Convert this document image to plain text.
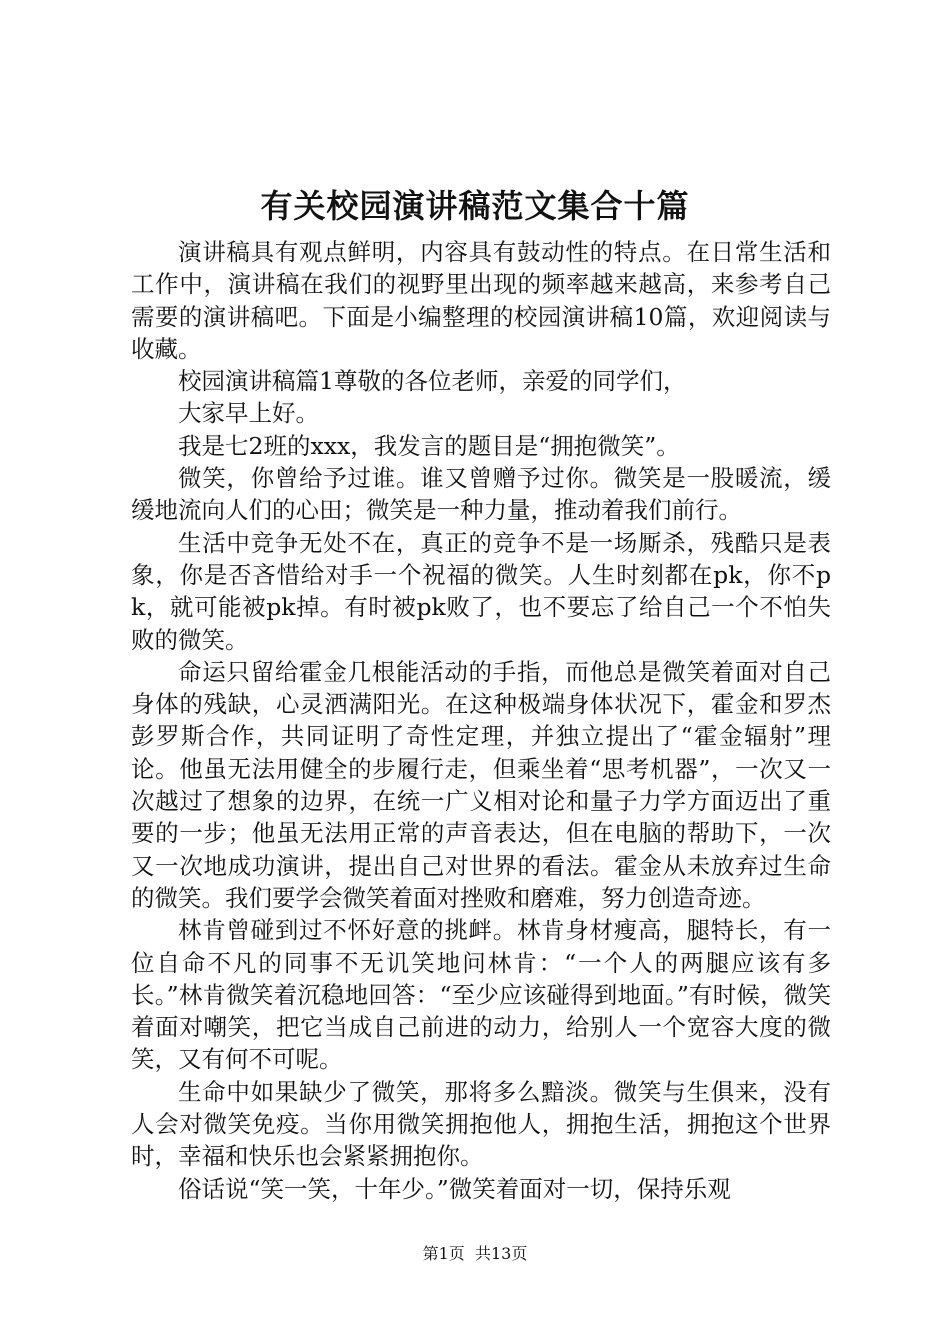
有关校园演讲稿范文集合十篇

演讲稿具有观点鲜明，内容具有鼓动性的特点。在日常生活和工作中，演讲稿在我们的视野里出现的频率越来越高，来参考自己需要的演讲稿吧。下面是小编整理的校园演讲稿10篇，欢迎阅读与收藏。

校园演讲稿篇1尊敬的各位老师，亲爱的同学们，

大家早上好。

我是七2班的xxx，我发言的题目是“拥抱微笑”。

微笑，你曾给予过谁。谁又曾赠予过你。微笑是一股暖流，缓缓地流向人们的心田；微笑是一种力量，推动着我们前行。

生活中竞争无处不在，真正的竞争不是一场厮杀，残酷只是表象，你是否吝惜给对手一个祝福的微笑。人生时刻都在pk，你不pk，就可能被pk掉。有时被pk败了，也不要忘了给自己一个不怕失败的微笑。

命运只留给霍金几根能活动的手指，而他总是微笑着面对自己身体的残缺，心灵洒满阳光。在这种极端身体状况下，霍金和罗杰彭罗斯合作，共同证明了奇性定理，并独立提出了“霍金辐射”理论。他虽无法用健全的步履行走，但乘坐着“思考机器”，一次又一次越过了想象的边界，在统一广义相对论和量子力学方面迈出了重要的一步；他虽无法用正常的声音表达，但在电脑的帮助下，一次又一次地成功演讲，提出自己对世界的看法。霍金从未放弃过生命的微笑。我们要学会微笑着面对挫败和磨难，努力创造奇迹。

林肯曾碰到过不怀好意的挑衅。林肯身材瘦高，腿特长，有一位自命不凡的同事不无讥笑地问林肯：“一个人的两腿应该有多长。”林肯微笑着沉稳地回答：“至少应该碰得到地面。”有时候，微笑着面对嘲笑，把它当成自己前进的动力，给别人一个宽容大度的微笑，又有何不可呢。

生命中如果缺少了微笑，那将多么黯淡。微笑与生俱来，没有人会对微笑免疫。当你用微笑拥抱他人，拥抱生活，拥抱这个世界时，幸福和快乐也会紧紧拥抱你。

俗话说“笑一笑，十年少。”微笑着面对一切，保持乐观

第1页 共13页
